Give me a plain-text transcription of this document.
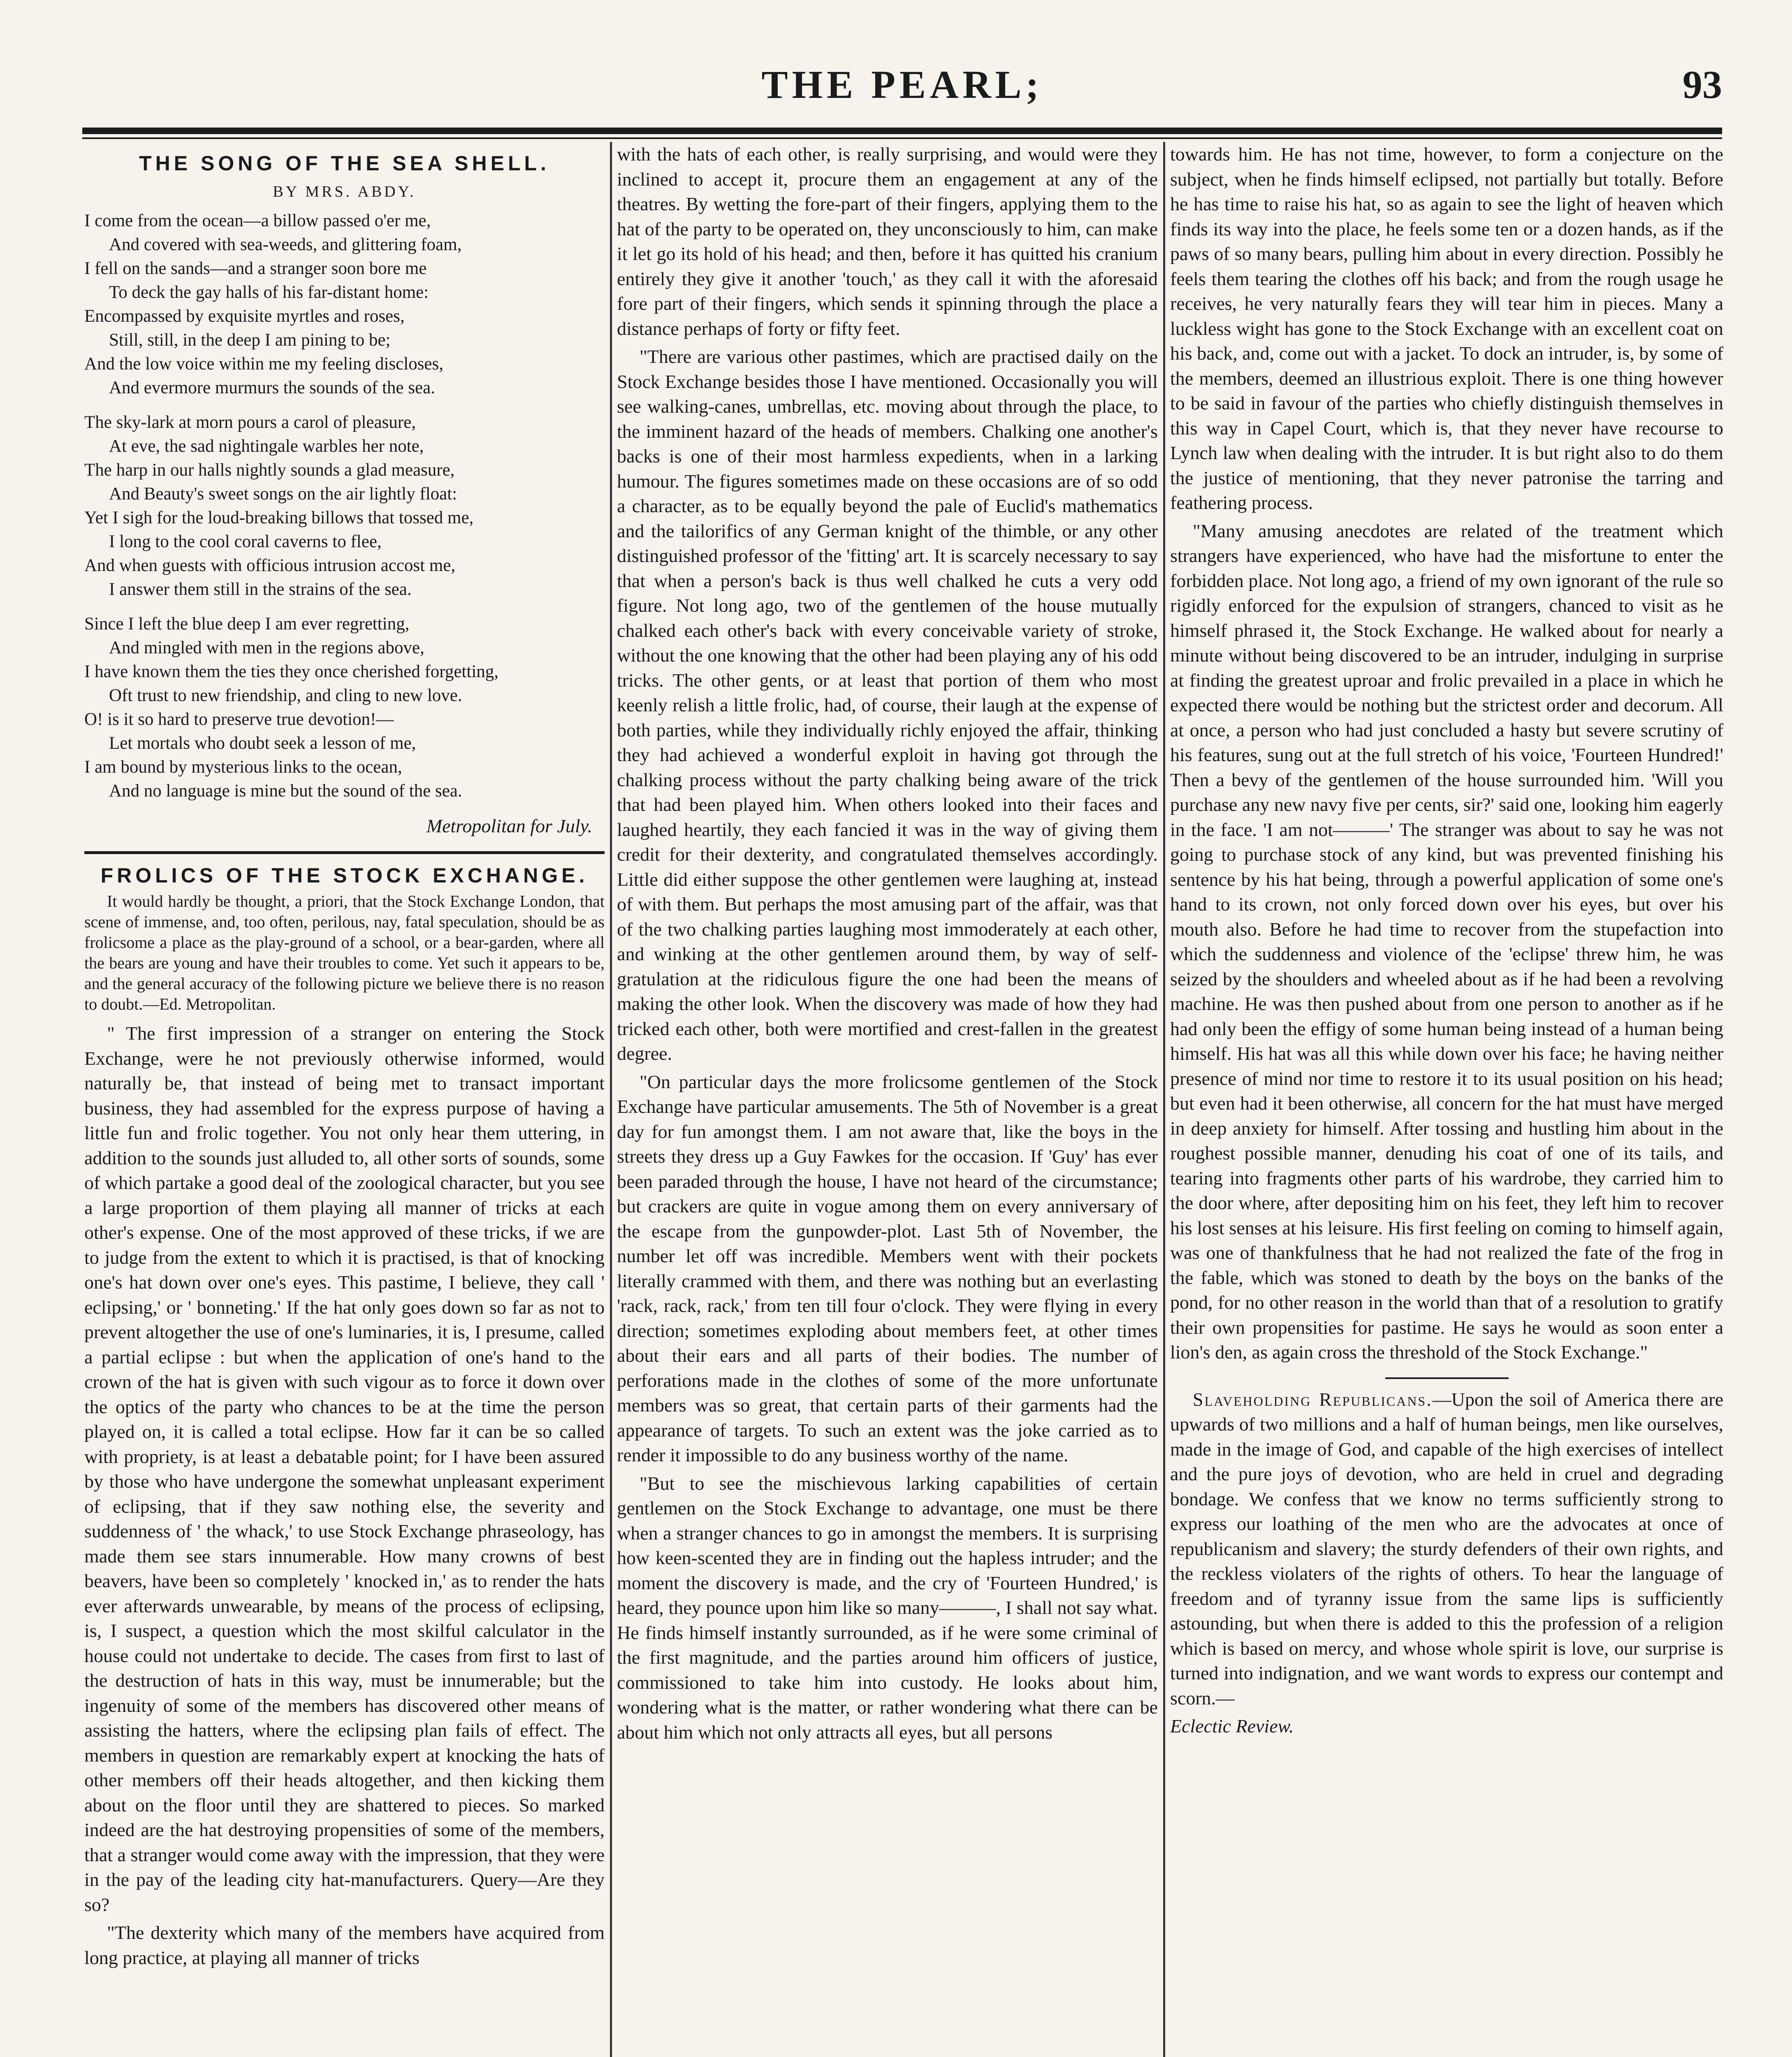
THE PEARL;	93
THE SONG OF THE SEA SHELL.
BY MRS. ABDY.
I come from the ocean—a billow passed o'er me,
And covered with sea-weeds, and glittering foam,
I fell on the sands—and a stranger soon bore me
To deck the gay halls of his far-distant home:
Encompassed by exquisite myrtles and roses,
Still, still, in the deep I am pining to be;
And the low voice within me my feeling discloses,
And evermore murmurs the sounds of the sea.
The sky-lark at morn pours a carol of pleasure,
At eve, the sad nightingale warbles her note,
The harp in our halls nightly sounds a glad measure,
And Beauty's sweet songs on the air lightly float:
Yet I sigh for the loud-breaking billows that tossed me,
I long to the cool coral caverns to flee,
And when guests with officious intrusion accost me,
I answer them still in the strains of the sea.
Since I left the blue deep I am ever regretting,
And mingled with men in the regions above,
I have known them the ties they once cherished forgetting,
Oft trust to new friendship, and cling to new love.
O! is it so hard to preserve true devotion!—
Let mortals who doubt seek a lesson of me,
I am bound by mysterious links to the ocean,
And no language is mine but the sound of the sea.
Metropolitan for July.
FROLICS OF THE STOCK EXCHANGE.
It would hardly be thought, a priori, that the Stock Exchange London, that scene of immense, and, too often, perilous, nay, fatal speculation, should be as frolicsome a place as the play-ground of a school, or a bear-garden, where all the bears are young and have their troubles to come. Yet such it appears to be, and the general accuracy of the following picture we believe there is no reason to doubt.—Ed. Metropolitan.

" The first impression of a stranger on entering the Stock Exchange, were he not previously otherwise informed, would naturally be, that instead of being met to transact important business, they had assembled for the express purpose of having a little fun and frolic together. You not only hear them uttering, in addition to the sounds just alluded to, all other sorts of sounds, some of which partake a good deal of the zoological character, but you see a large proportion of them playing all manner of tricks at each other's expense. One of the most approved of these tricks, if we are to judge from the extent to which it is practised, is that of knocking one's hat down over one's eyes. This pastime, I believe, they call ' eclipsing,' or ' bonneting.' If the hat only goes down so far as not to prevent altogether the use of one's luminaries, it is, I presume, called a partial eclipse : but when the application of one's hand to the crown of the hat is given with such vigour as to force it down over the optics of the party who chances to be at the time the person played on, it is called a total eclipse. How far it can be so called with propriety, is at least a debatable point; for I have been assured by those who have undergone the somewhat unpleasant experiment of eclipsing, that if they saw nothing else, the severity and suddenness of ' the whack,' to use Stock Exchange phraseology, has made them see stars innumerable. How many crowns of best beavers, have been so completely ' knocked in,' as to render the hats ever afterwards unwearable, by means of the process of eclipsing, is, I suspect, a question which the most skilful calculator in the house could not undertake to decide. The cases from first to last of the destruction of hats in this way, must be innumerable; but the ingenuity of some of the members has discovered other means of assisting the hatters, where the eclipsing plan fails of effect. The members in question are remarkably expert at knocking the hats of other members off their heads altogether, and then kicking them about on the floor until they are shattered to pieces. So marked indeed are the hat destroying propensities of some of the members, that a stranger would come away with the impression, that they were in the pay of the leading city hat-manufacturers. Query—Are they so?

"The dexterity which many of the members have acquired from long practice, at playing all manner of tricks

with the hats of each other, is really surprising, and would were they inclined to accept it, procure them an engagement at any of the theatres. By wetting the fore-part of their fingers, applying them to the hat of the party to be operated on, they unconsciously to him, can make it let go its hold of his head; and then, before it has quitted his cranium entirely they give it another 'touch,' as they call it with the aforesaid fore part of their fingers, which sends it spinning through the place a distance perhaps of forty or fifty feet.

"There are various other pastimes, which are practised daily on the Stock Exchange besides those I have mentioned. Occasionally you will see walking-canes, umbrellas, etc. moving about through the place, to the imminent hazard of the heads of members. Chalking one another's backs is one of their most harmless expedients, when in a larking humour. The figures sometimes made on these occasions are of so odd a character, as to be equally beyond the pale of Euclid's mathematics and the tailorifics of any German knight of the thimble, or any other distinguished professor of the 'fitting' art. It is scarcely necessary to say that when a person's back is thus well chalked he cuts a very odd figure. Not long ago, two of the gentlemen of the house mutually chalked each other's back with every conceivable variety of stroke, without the one knowing that the other had been playing any of his odd tricks. The other gents, or at least that portion of them who most keenly relish a little frolic, had, of course, their laugh at the expense of both parties, while they individually richly enjoyed the affair, thinking they had achieved a wonderful exploit in having got through the chalking process without the party chalking being aware of the trick that had been played him. When others looked into their faces and laughed heartily, they each fancied it was in the way of giving them credit for their dexterity, and congratulated themselves accordingly. Little did either suppose the other gentlemen were laughing at, instead of with them. But perhaps the most amusing part of the affair, was that of the two chalking parties laughing most immoderately at each other, and winking at the other gentlemen around them, by way of self-gratulation at the ridiculous figure the one had been the means of making the other look. When the discovery was made of how they had tricked each other, both were mortified and crest-fallen in the greatest degree.

"On particular days the more frolicsome gentlemen of the Stock Exchange have particular amusements. The 5th of November is a great day for fun amongst them. I am not aware that, like the boys in the streets they dress up a Guy Fawkes for the occasion. If 'Guy' has ever been paraded through the house, I have not heard of the circumstance; but crackers are quite in vogue among them on every anniversary of the escape from the gunpowder-plot. Last 5th of November, the number let off was incredible. Members went with their pockets literally crammed with them, and there was nothing but an everlasting 'rack, rack, rack,' from ten till four o'clock. They were flying in every direction; sometimes exploding about members feet, at other times about their ears and all parts of their bodies. The number of perforations made in the clothes of some of the more unfortunate members was so great, that certain parts of their garments had the appearance of targets. To such an extent was the joke carried as to render it impossible to do any business worthy of the name.

"But to see the mischievous larking capabilities of certain gentlemen on the Stock Exchange to advantage, one must be there when a stranger chances to go in amongst the members. It is surprising how keen-scented they are in finding out the hapless intruder; and the moment the discovery is made, and the cry of 'Fourteen Hundred,' is heard, they pounce upon him like so many———, I shall not say what. He finds himself instantly surrounded, as if he were some criminal of the first magnitude, and the parties around him officers of justice, commissioned to take him into custody. He looks about him, wondering what is the matter, or rather wondering what there can be about him which not only attracts all eyes, but all persons

towards him. He has not time, however, to form a conjecture on the subject, when he finds himself eclipsed, not partially but totally. Before he has time to raise his hat, so as again to see the light of heaven which finds its way into the place, he feels some ten or a dozen hands, as if the paws of so many bears, pulling him about in every direction. Possibly he feels them tearing the clothes off his back; and from the rough usage he receives, he very naturally fears they will tear him in pieces. Many a luckless wight has gone to the Stock Exchange with an excellent coat on his back, and, come out with a jacket. To dock an intruder, is, by some of the members, deemed an illustrious exploit. There is one thing however to be said in favour of the parties who chiefly distinguish themselves in this way in Capel Court, which is, that they never have recourse to Lynch law when dealing with the intruder. It is but right also to do them the justice of mentioning, that they never patronise the tarring and feathering process.

"Many amusing anecdotes are related of the treatment which strangers have experienced, who have had the misfortune to enter the forbidden place. Not long ago, a friend of my own ignorant of the rule so rigidly enforced for the expulsion of strangers, chanced to visit as he himself phrased it, the Stock Exchange. He walked about for nearly a minute without being discovered to be an intruder, indulging in surprise at finding the greatest uproar and frolic prevailed in a place in which he expected there would be nothing but the strictest order and decorum. All at once, a person who had just concluded a hasty but severe scrutiny of his features, sung out at the full stretch of his voice, 'Fourteen Hundred!' Then a bevy of the gentlemen of the house surrounded him. 'Will you purchase any new navy five per cents, sir?' said one, looking him eagerly in the face. 'I am not———' The stranger was about to say he was not going to purchase stock of any kind, but was prevented finishing his sentence by his hat being, through a powerful application of some one's hand to its crown, not only forced down over his eyes, but over his mouth also. Before he had time to recover from the stupefaction into which the suddenness and violence of the 'eclipse' threw him, he was seized by the shoulders and wheeled about as if he had been a revolving machine. He was then pushed about from one person to another as if he had only been the effigy of some human being instead of a human being himself. His hat was all this while down over his face; he having neither presence of mind nor time to restore it to its usual position on his head; but even had it been otherwise, all concern for the hat must have merged in deep anxiety for himself. After tossing and hustling him about in the roughest possible manner, denuding his coat of one of its tails, and tearing into fragments other parts of his wardrobe, they carried him to the door where, after depositing him on his feet, they left him to recover his lost senses at his leisure. His first feeling on coming to himself again, was one of thankfulness that he had not realized the fate of the frog in the fable, which was stoned to death by the boys on the banks of the pond, for no other reason in the world than that of a resolution to gratify their own propensities for pastime. He says he would as soon enter a lion's den, as again cross the threshold of the Stock Exchange."

Slaveholding Republicans.—Upon the soil of America there are upwards of two millions and a half of human beings, men like ourselves, made in the image of God, and capable of the high exercises of intellect and the pure joys of devotion, who are held in cruel and degrading bondage. We confess that we know no terms sufficiently strong to express our loathing of the men who are the advocates at once of republicanism and slavery; the sturdy defenders of their own rights, and the reckless violaters of the rights of others. To hear the language of freedom and of tyranny issue from the same lips is sufficiently astounding, but when there is added to this the profession of a religion which is based on mercy, and whose whole spirit is love, our surprise is turned into indignation, and we want words to express our contempt and scorn.—

Eclectic Review.
